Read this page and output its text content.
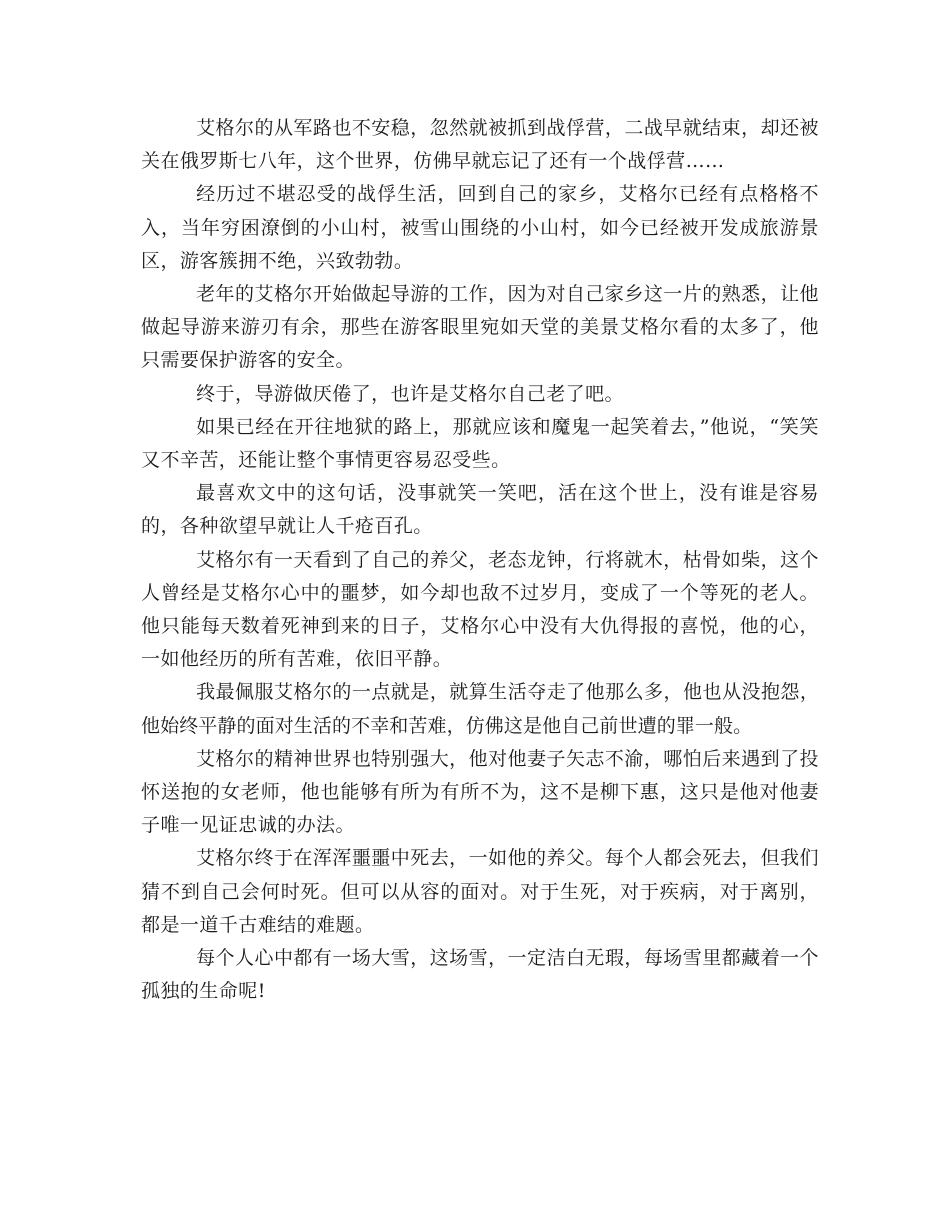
艾格尔的从军路也不安稳，忽然就被抓到战俘营，二战早就结束，却还被关在俄罗斯七八年，这个世界，仿佛早就忘记了还有一个战俘营……

经历过不堪忍受的战俘生活，回到自己的家乡，艾格尔已经有点格格不入，当年穷困潦倒的小山村，被雪山围绕的小山村，如今已经被开发成旅游景区，游客簇拥不绝，兴致勃勃。

老年的艾格尔开始做起导游的工作，因为对自己家乡这一片的熟悉，让他做起导游来游刃有余，那些在游客眼里宛如天堂的美景艾格尔看的太多了，他只需要保护游客的安全。

终于，导游做厌倦了，也许是艾格尔自己老了吧。

如果已经在开往地狱的路上，那就应该和魔鬼一起笑着去，”他说，“笑笑又不辛苦，还能让整个事情更容易忍受些。

最喜欢文中的这句话，没事就笑一笑吧，活在这个世上，没有谁是容易的，各种欲望早就让人千疮百孔。

艾格尔有一天看到了自己的养父，老态龙钟，行将就木，枯骨如柴，这个人曾经是艾格尔心中的噩梦，如今却也敌不过岁月，变成了一个等死的老人。他只能每天数着死神到来的日子，艾格尔心中没有大仇得报的喜悦，他的心，一如他经历的所有苦难，依旧平静。

我最佩服艾格尔的一点就是，就算生活夺走了他那么多，他也从没抱怨，他始终平静的面对生活的不幸和苦难，仿佛这是他自己前世遭的罪一般。

艾格尔的精神世界也特别强大，他对他妻子矢志不渝，哪怕后来遇到了投怀送抱的女老师，他也能够有所为有所不为，这不是柳下惠，这只是他对他妻子唯一见证忠诚的办法。

艾格尔终于在浑浑噩噩中死去，一如他的养父。每个人都会死去，但我们猜不到自己会何时死。但可以从容的面对。对于生死，对于疾病，对于离别，都是一道千古难结的难题。

每个人心中都有一场大雪，这场雪，一定洁白无瑕，每场雪里都藏着一个孤独的生命呢!
